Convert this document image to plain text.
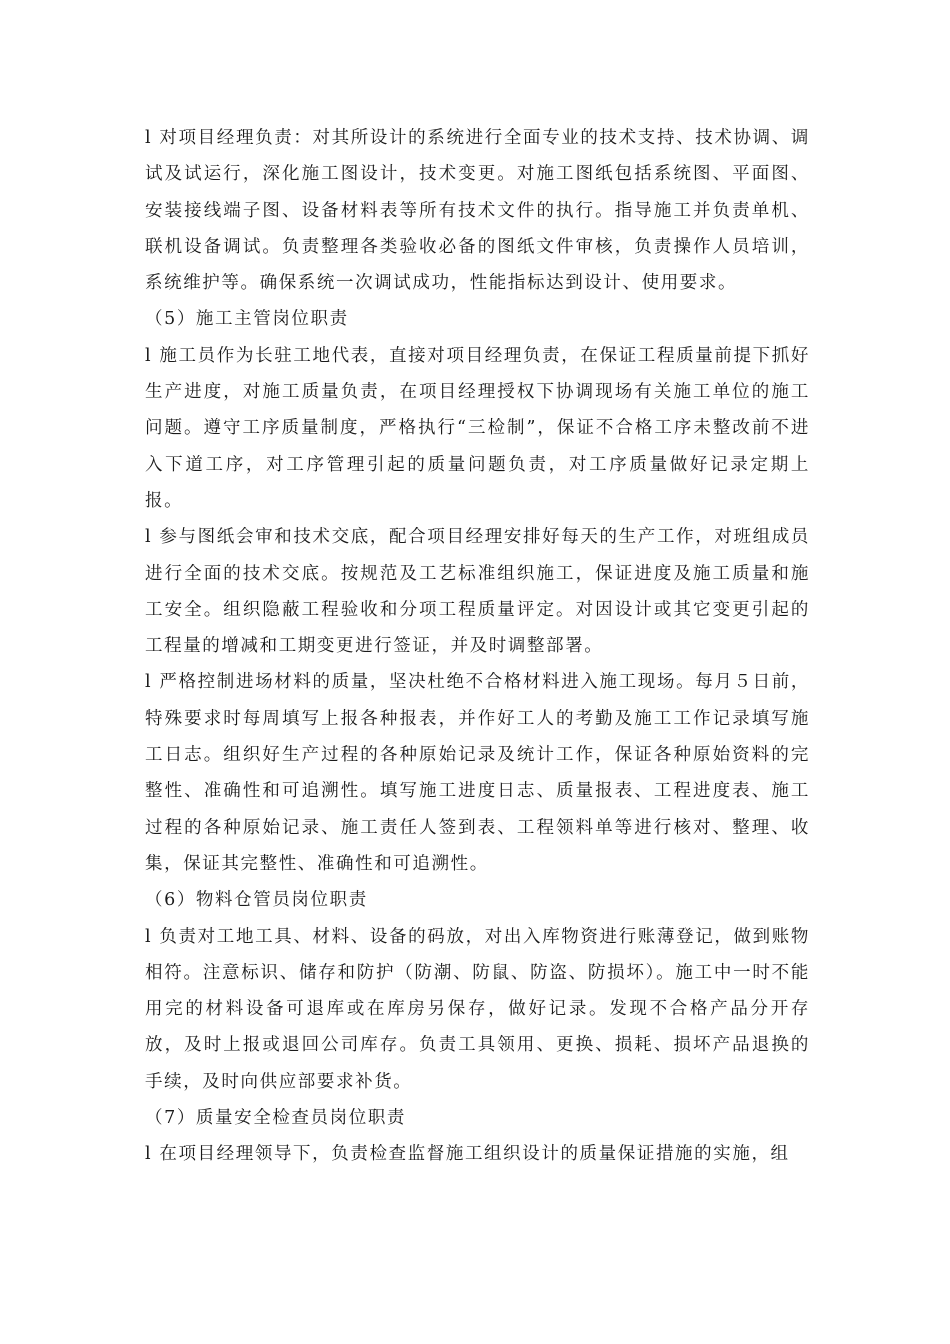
l 对项目经理负责：对其所设计的系统进行全面专业的技术支持、技术协调、调试及试运行，深化施工图设计，技术变更。对施工图纸包括系统图、平面图、安装接线端子图、设备材料表等所有技术文件的执行。指导施工并负责单机、联机设备调试。负责整理各类验收必备的图纸文件审核，负责操作人员培训，系统维护等。确保系统一次调试成功，性能指标达到设计、使用要求。

（5）施工主管岗位职责

l 施工员作为长驻工地代表，直接对项目经理负责，在保证工程质量前提下抓好生产进度，对施工质量负责，在项目经理授权下协调现场有关施工单位的施工问题。遵守工序质量制度，严格执行“三检制”，保证不合格工序未整改前不进入下道工序，对工序管理引起的质量问题负责，对工序质量做好记录定期上报。

l 参与图纸会审和技术交底，配合项目经理安排好每天的生产工作，对班组成员进行全面的技术交底。按规范及工艺标准组织施工，保证进度及施工质量和施工安全。组织隐蔽工程验收和分项工程质量评定。对因设计或其它变更引起的工程量的增减和工期变更进行签证，并及时调整部署。

l 严格控制进场材料的质量，坚决杜绝不合格材料进入施工现场。每月５日前，特殊要求时每周填写上报各种报表，并作好工人的考勤及施工工作记录填写施工日志。组织好生产过程的各种原始记录及统计工作，保证各种原始资料的完整性、准确性和可追溯性。填写施工进度日志、质量报表、工程进度表、施工过程的各种原始记录、施工责任人签到表、工程领料单等进行核对、整理、收集，保证其完整性、准确性和可追溯性。

（6）物料仓管员岗位职责

l 负责对工地工具、材料、设备的码放，对出入库物资进行账薄登记，做到账物相符。注意标识、储存和防护（防潮、防鼠、防盗、防损坏）。施工中一时不能用完的材料设备可退库或在库房另保存，做好记录。发现不合格产品分开存放，及时上报或退回公司库存。负责工具领用、更换、损耗、损坏产品退换的手续，及时向供应部要求补货。

（7）质量安全检查员岗位职责

l 在项目经理领导下，负责检查监督施工组织设计的质量保证措施的实施，组
